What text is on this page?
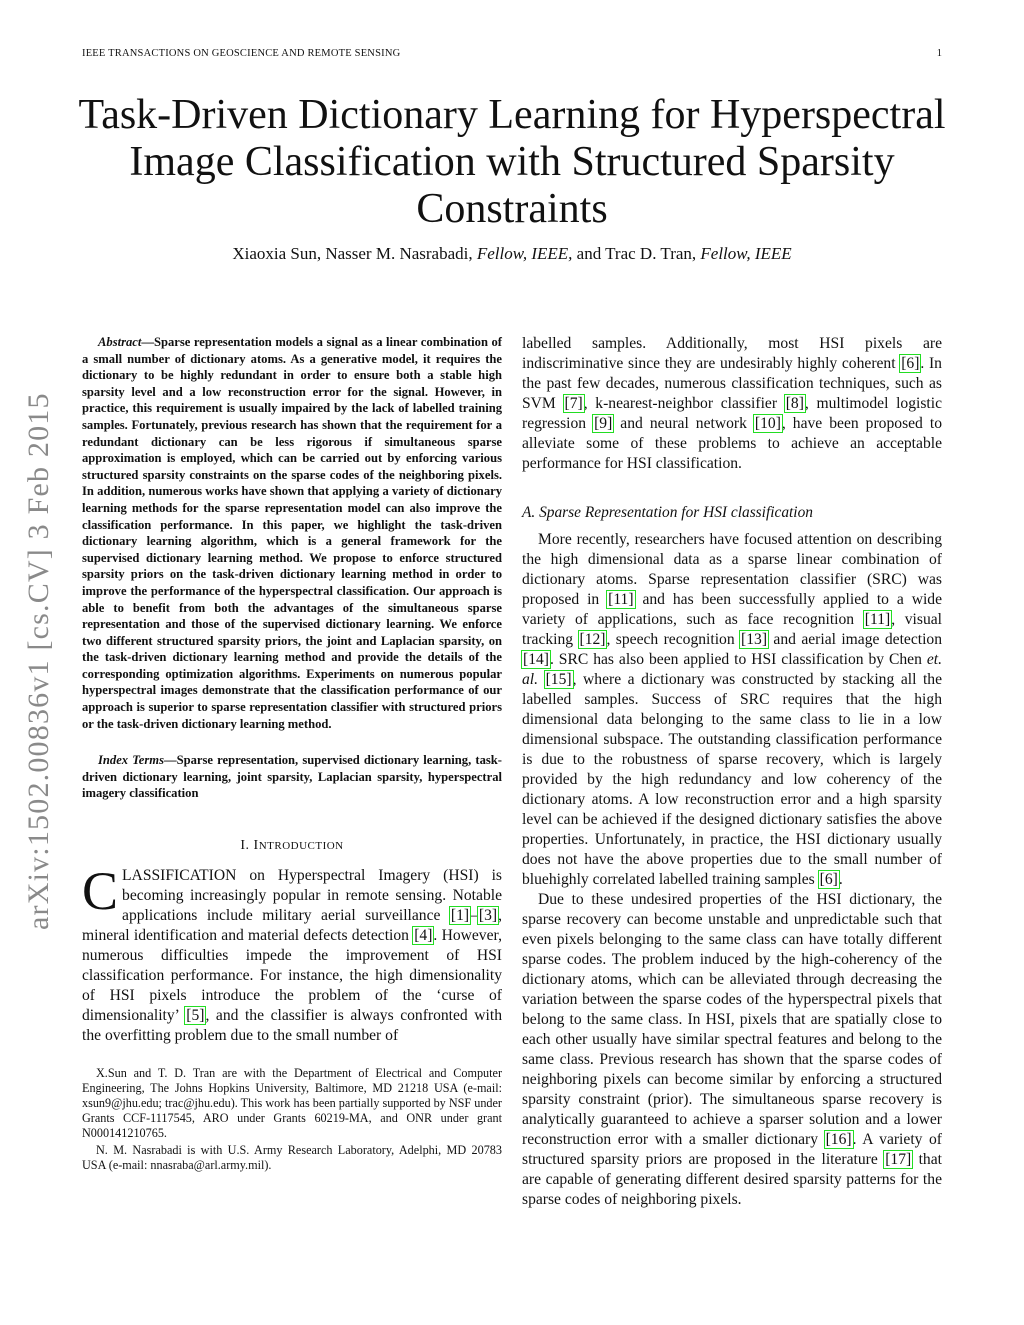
IEEE TRANSACTIONS ON GEOSCIENCE AND REMOTE SENSING	1
arXiv:1502.00836v1 [cs.CV] 3 Feb 2015
Task-Driven Dictionary Learning for Hyperspectral Image Classification with Structured Sparsity Constraints
Xiaoxia Sun, Nasser M. Nasrabadi, Fellow, IEEE, and Trac D. Tran, Fellow, IEEE

Abstract—Sparse representation models a signal as a linear combination of a small number of dictionary atoms. As a generative model, it requires the dictionary to be highly redundant in order to ensure both a stable high sparsity level and a low reconstruction error for the signal. However, in practice, this requirement is usually impaired by the lack of labelled training samples. Fortunately, previous research has shown that the requirement for a redundant dictionary can be less rigorous if simultaneous sparse approximation is employed, which can be carried out by enforcing various structured sparsity constraints on the sparse codes of the neighboring pixels. In addition, numerous works have shown that applying a variety of dictionary learning methods for the sparse representation model can also improve the classification performance. In this paper, we highlight the task-driven dictionary learning algorithm, which is a general framework for the supervised dictionary learning method. We propose to enforce structured sparsity priors on the task-driven dictionary learning method in order to improve the performance of the hyperspectral classification. Our approach is able to benefit from both the advantages of the simultaneous sparse representation and those of the supervised dictionary learning. We enforce two different structured sparsity priors, the joint and Laplacian sparsity, on the task-driven dictionary learning method and provide the details of the corresponding optimization algorithms. Experiments on numerous popular hyperspectral images demonstrate that the classification performance of our approach is superior to sparse representation classifier with structured priors or the task-driven dictionary learning method.

Index Terms—Sparse representation, supervised dictionary learning, task-driven dictionary learning, joint sparsity, Laplacian sparsity, hyperspectral imagery classification
I. INTRODUCTION

CLASSIFICATION on Hyperspectral Imagery (HSI) is becoming increasingly popular in remote sensing. Notable applications include military aerial surveillance [1]–[3], mineral identification and material defects detection [4]. However, numerous difficulties impede the improvement of HSI classification performance. For instance, the high dimensionality of HSI pixels introduce the problem of the ‘curse of dimensionality’ [5], and the classifier is always confronted with the overfitting problem due to the small number of

X.Sun and T. D. Tran are with the Department of Electrical and Computer Engineering, The Johns Hopkins University, Baltimore, MD 21218 USA (e-mail: xsun9@jhu.edu; trac@jhu.edu). This work has been partially supported by NSF under Grants CCF-1117545, ARO under Grants 60219-MA, and ONR under grant N000141210765.

N. M. Nasrabadi is with U.S. Army Research Laboratory, Adelphi, MD 20783 USA (e-mail: nnasraba@arl.army.mil).

labelled samples. Additionally, most HSI pixels are indiscriminative since they are undesirably highly coherent [6]. In the past few decades, numerous classification techniques, such as SVM [7], k-nearest-neighbor classifier [8], multimodel logistic regression [9] and neural network [10], have been proposed to alleviate some of these problems to achieve an acceptable performance for HSI classification.

A. Sparse Representation for HSI classification

More recently, researchers have focused attention on describing the high dimensional data as a sparse linear combination of dictionary atoms. Sparse representation classifier (SRC) was proposed in [11] and has been successfully applied to a wide variety of applications, such as face recognition [11], visual tracking [12], speech recognition [13] and aerial image detection [14]. SRC has also been applied to HSI classification by Chen et. al. [15], where a dictionary was constructed by stacking all the labelled samples. Success of SRC requires that the high dimensional data belonging to the same class to lie in a low dimensional subspace. The outstanding classification performance is due to the robustness of sparse recovery, which is largely provided by the high redundancy and low coherency of the dictionary atoms. A low reconstruction error and a high sparsity level can be achieved if the designed dictionary satisfies the above properties. Unfortunately, in practice, the HSI dictionary usually does not have the above properties due to the small number of bluehighly correlated labelled training samples [6].

Due to these undesired properties of the HSI dictionary, the sparse recovery can become unstable and unpredictable such that even pixels belonging to the same class can have totally different sparse codes. The problem induced by the high-coherency of the dictionary atoms, which can be alleviated through decreasing the variation between the sparse codes of the hyperspectral pixels that belong to the same class. In HSI, pixels that are spatially close to each other usually have similar spectral features and belong to the same class. Previous research has shown that the sparse codes of neighboring pixels can become similar by enforcing a structured sparsity constraint (prior). The simultaneous sparse recovery is analytically guaranteed to achieve a sparser solution and a lower reconstruction error with a smaller dictionary [16]. A variety of structured sparsity priors are proposed in the literature [17] that are capable of generating different desired sparsity patterns for the sparse codes of neighboring pixels.
